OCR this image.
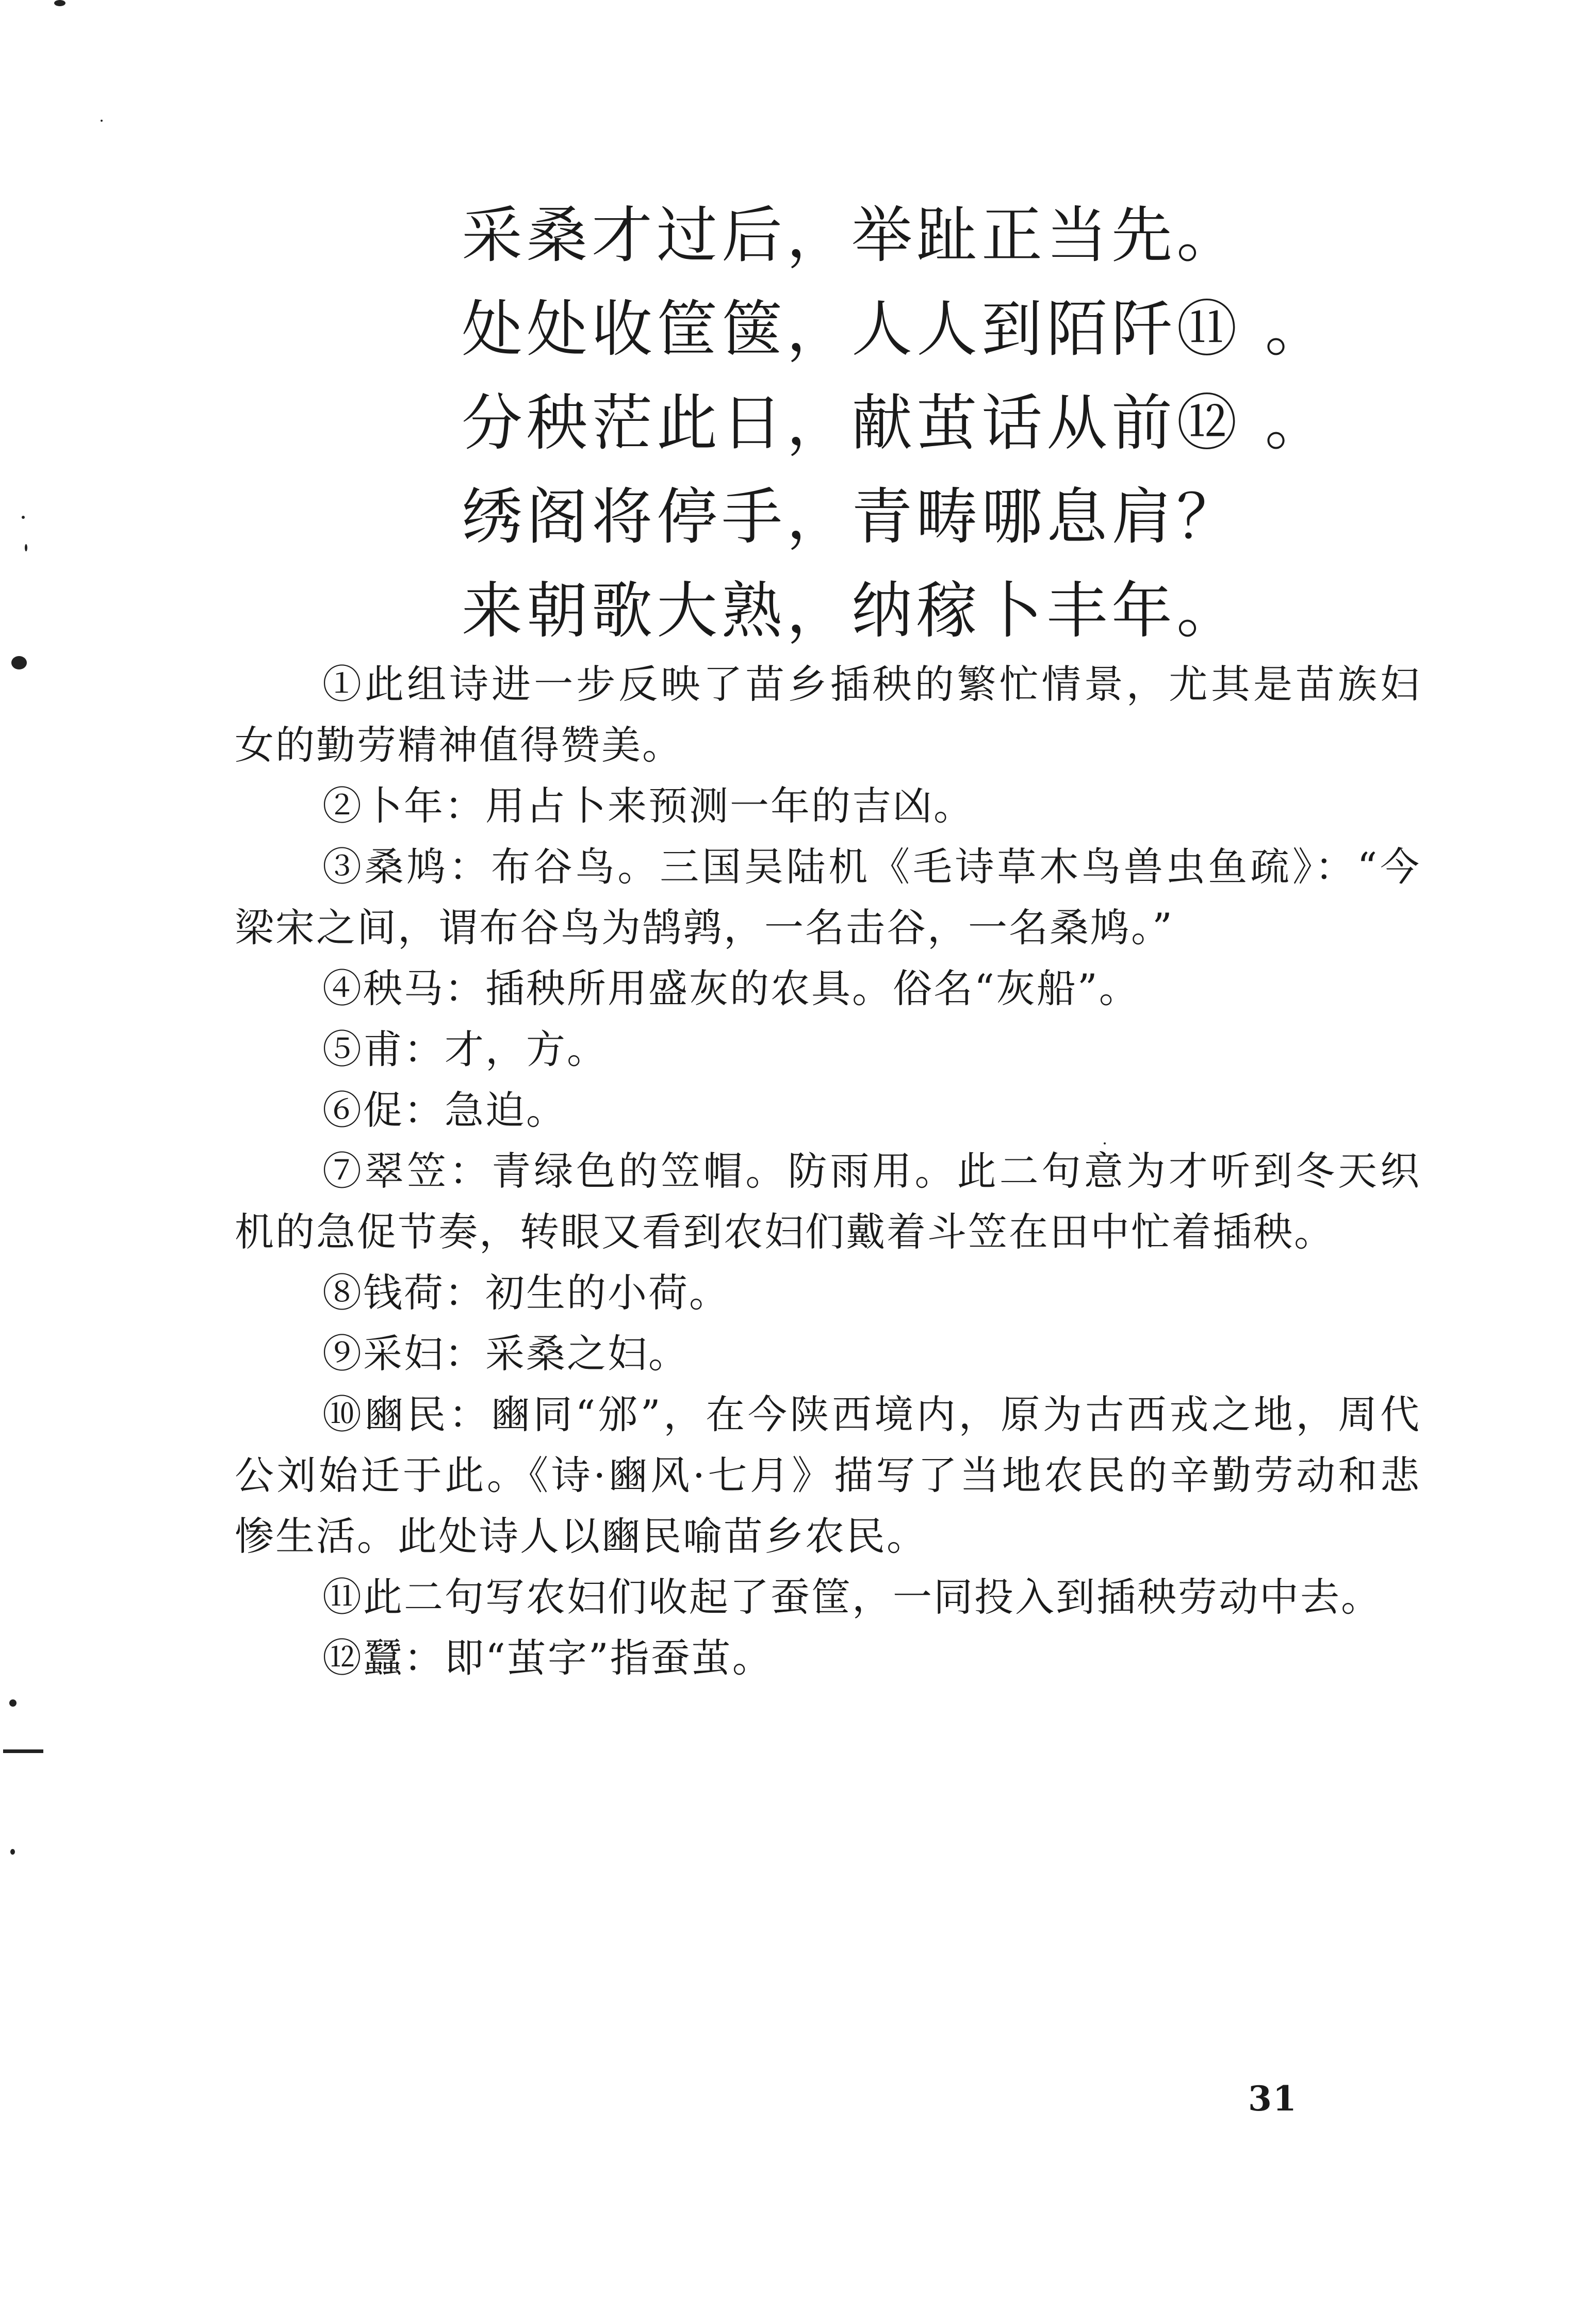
采桑才过后，举趾正当先。
处处收筐箧，人人到陌阡⑪ 。
分秧茫此日，献茧话从前⑫ 。
绣阁将停手，青畴哪息肩？
来朝歌大熟，纳稼卜丰年。

①此组诗进一步反映了苗乡插秧的繁忙情景，尤其是苗族妇女的勤劳精神值得赞美。

②卜年：用占卜来预测一年的吉凶。

③桑鸠：布谷鸟。三国吴陆机《毛诗草木鸟兽虫鱼疏》：“今梁宋之间，谓布谷鸟为鹄鹑，一名击谷，一名桑鸠。”

④秧马：插秧所用盛灰的农具。俗名“灰船”。

⑤甫：才，方。

⑥促：急迫。

⑦翠笠：青绿色的笠帽。防雨用。此二句意为才听到冬天织机的急促节奏，转眼又看到农妇们戴着斗笠在田中忙着插秧。

⑧钱荷：初生的小荷。

⑨采妇：采桑之妇。

⑩豳民：豳同“邠”，在今陕西境内，原为古西戎之地，周代公刘始迁于此。《诗·豳风·七月》描写了当地农民的辛勤劳动和悲惨生活。此处诗人以豳民喻苗乡农民。

⑪此二句写农妇们收起了蚕筐，一同投入到插秧劳动中去。

⑫蠶：即“茧字”指蚕茧。

31
